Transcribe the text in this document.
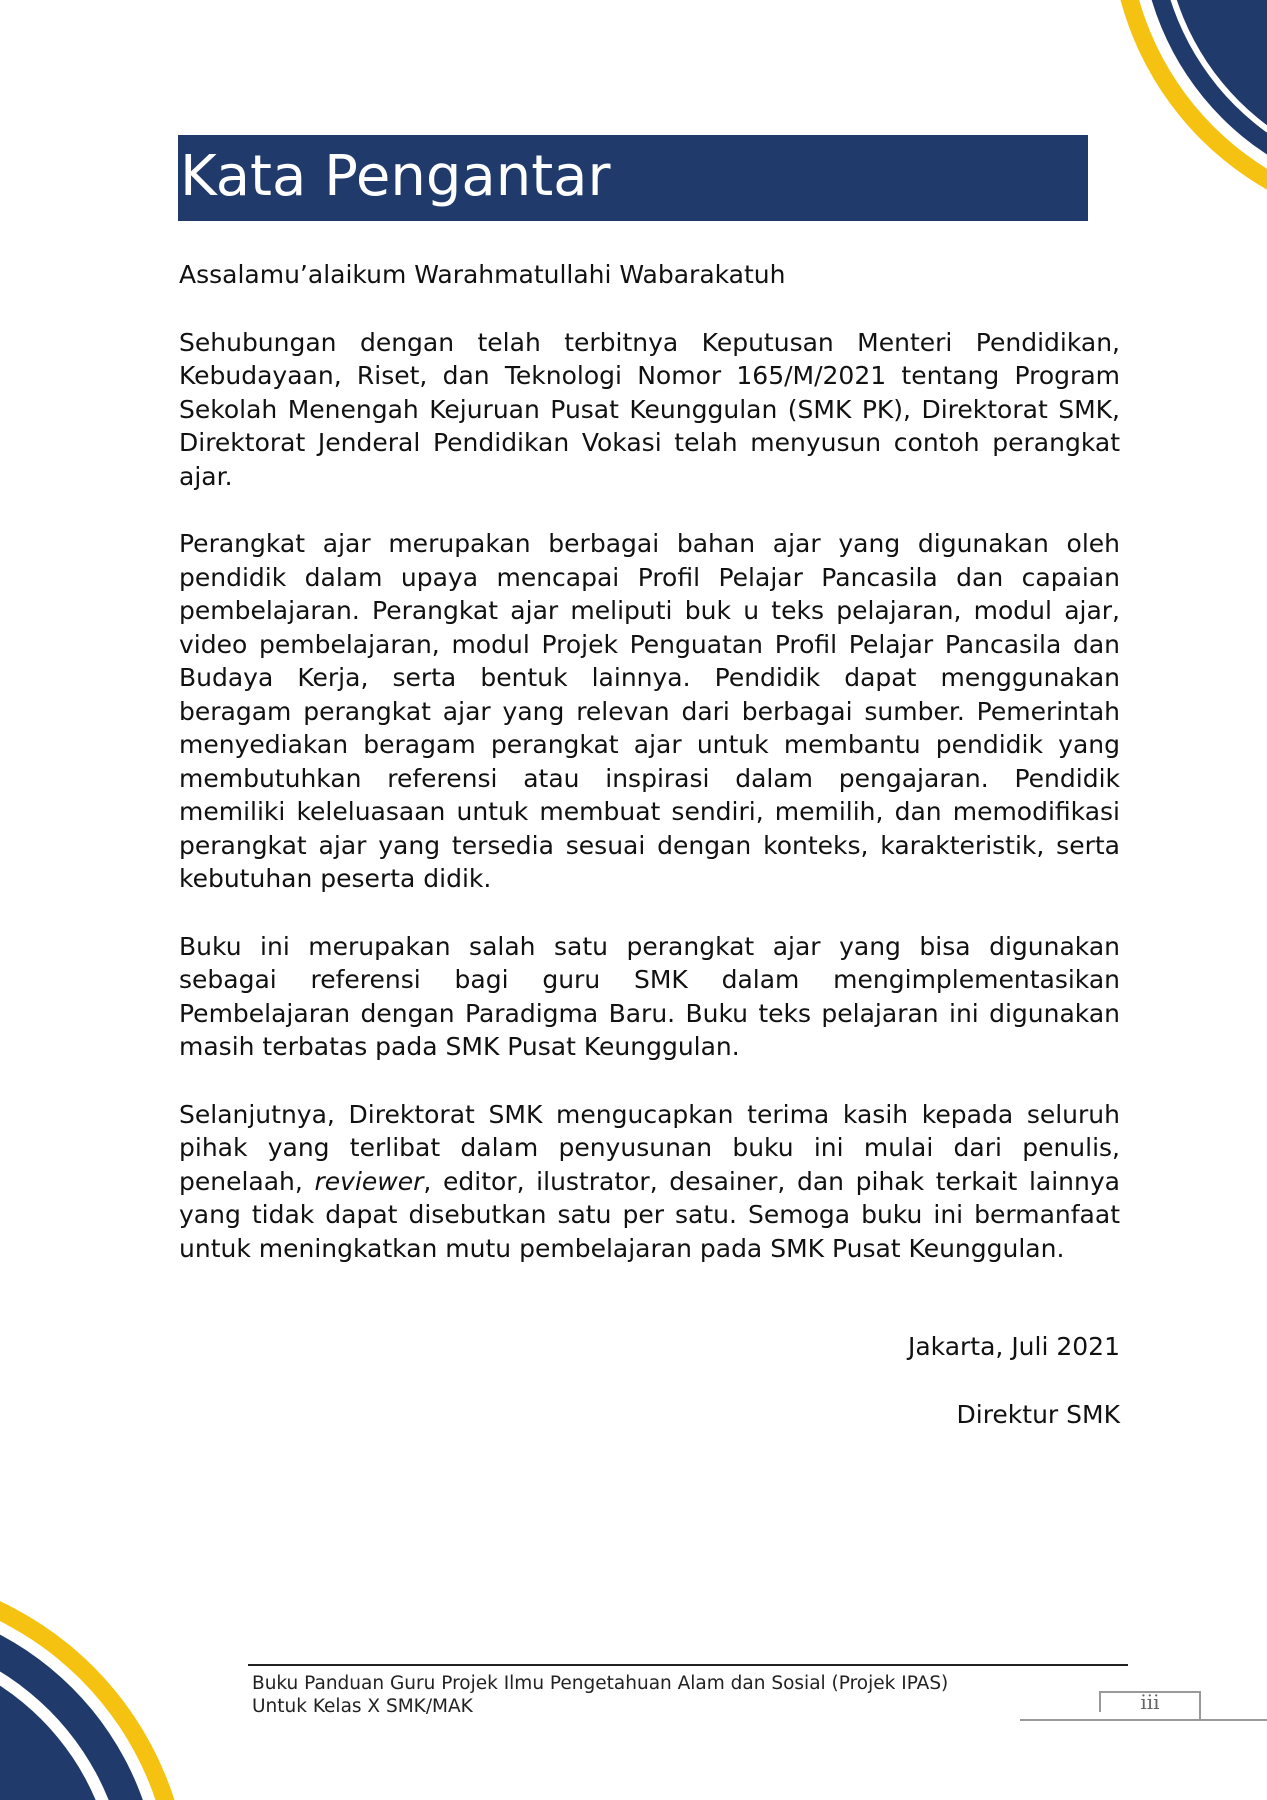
Kata Pengantar

Assalamu’alaikum Warahmatullahi Wabarakatuh

Sehubungan dengan telah terbitnya Keputusan Menteri Pendidikan, Kebudayaan, Riset, dan Teknologi Nomor 165/M/2021 tentang Program Sekolah Menengah Kejuruan Pusat Keunggulan (SMK PK), Direktorat SMK, Direktorat Jenderal Pendidikan Vokasi telah menyusun contoh perangkat ajar.

Perangkat ajar merupakan berbagai bahan ajar yang digunakan oleh pendidik dalam upaya mencapai Profil Pelajar Pancasila dan capaian pembelajaran. Perangkat ajar meliputi buk u teks pelajaran, modul ajar, video pembelajaran, modul Projek Penguatan Profil Pelajar Pancasila dan Budaya Kerja, serta bentuk lainnya. Pendidik dapat menggunakan beragam perangkat ajar yang relevan dari berbagai sumber. Pemerintah menyediakan beragam perangkat ajar untuk membantu pendidik yang membutuhkan referensi atau inspirasi dalam pengajaran. Pendidik memiliki keleluasaan untuk membuat sendiri, memilih, dan memodifikasi perangkat ajar yang tersedia sesuai dengan konteks, karakteristik, serta kebutuhan peserta didik.

Buku ini merupakan salah satu perangkat ajar yang bisa digunakan sebagai referensi bagi guru SMK dalam mengimplementasikan Pembelajaran dengan Paradigma Baru. Buku teks pelajaran ini digunakan masih terbatas pada SMK Pusat Keunggulan.

Selanjutnya, Direktorat SMK mengucapkan terima kasih kepada seluruh pihak yang terlibat dalam penyusunan buku ini mulai dari penulis, penelaah, reviewer, editor, ilustrator, desainer, dan pihak terkait lainnya yang tidak dapat disebutkan satu per satu. Semoga buku ini bermanfaat untuk meningkatkan mutu pembelajaran pada SMK Pusat Keunggulan.

Jakarta, Juli 2021
Direktur SMK
Buku Panduan Guru Projek Ilmu Pengetahuan Alam dan Sosial (Projek IPAS)
Untuk Kelas X SMK/MAK	iii
